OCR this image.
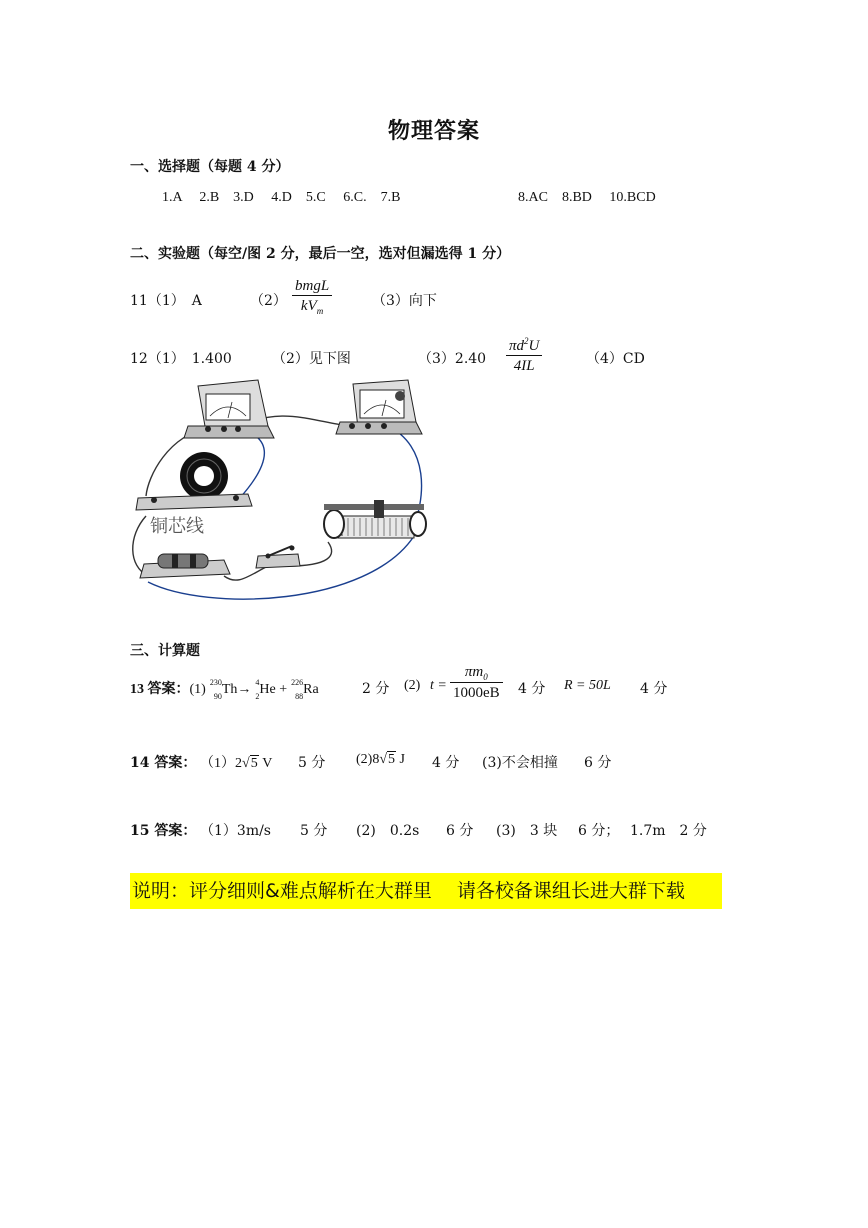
物理答案
一、选择题（每题 4 分）
1.A　 2.B　3.D　 4.D　5.C　 6.C.　7.B	8.AC　8.BD　 10.BCD
二、实验题（每空/图 2 分，最后一空，选对但漏选得 1 分）
11（1）　A	（2）
bmgL
$kV_m$
（3）向下
12（1）　1.400	（2）见下图	$(3)2.40 \frac{\pi d^2U}{4IL}$	（4）CD
铜芯线
三、计算题
13 答案：(1) 230
90 Th→ 4
2 He + 226
88 Ra	2 分 (2) $t = \frac{\pi m_0}{1000eB} 4$ 分 R = 50L 4 分
14 答案： （1）2√5 V 5 分 (2)8√5 J 4 分 (3)不会相撞 6 分
15 答案： （1）3m/s 5 分 (2)　0.2s 6 分 (3)　3 块 6 分； 1.7m　2 分
说明：评分细则&难点解析在大群里　 请各校备课组长进大群下载
